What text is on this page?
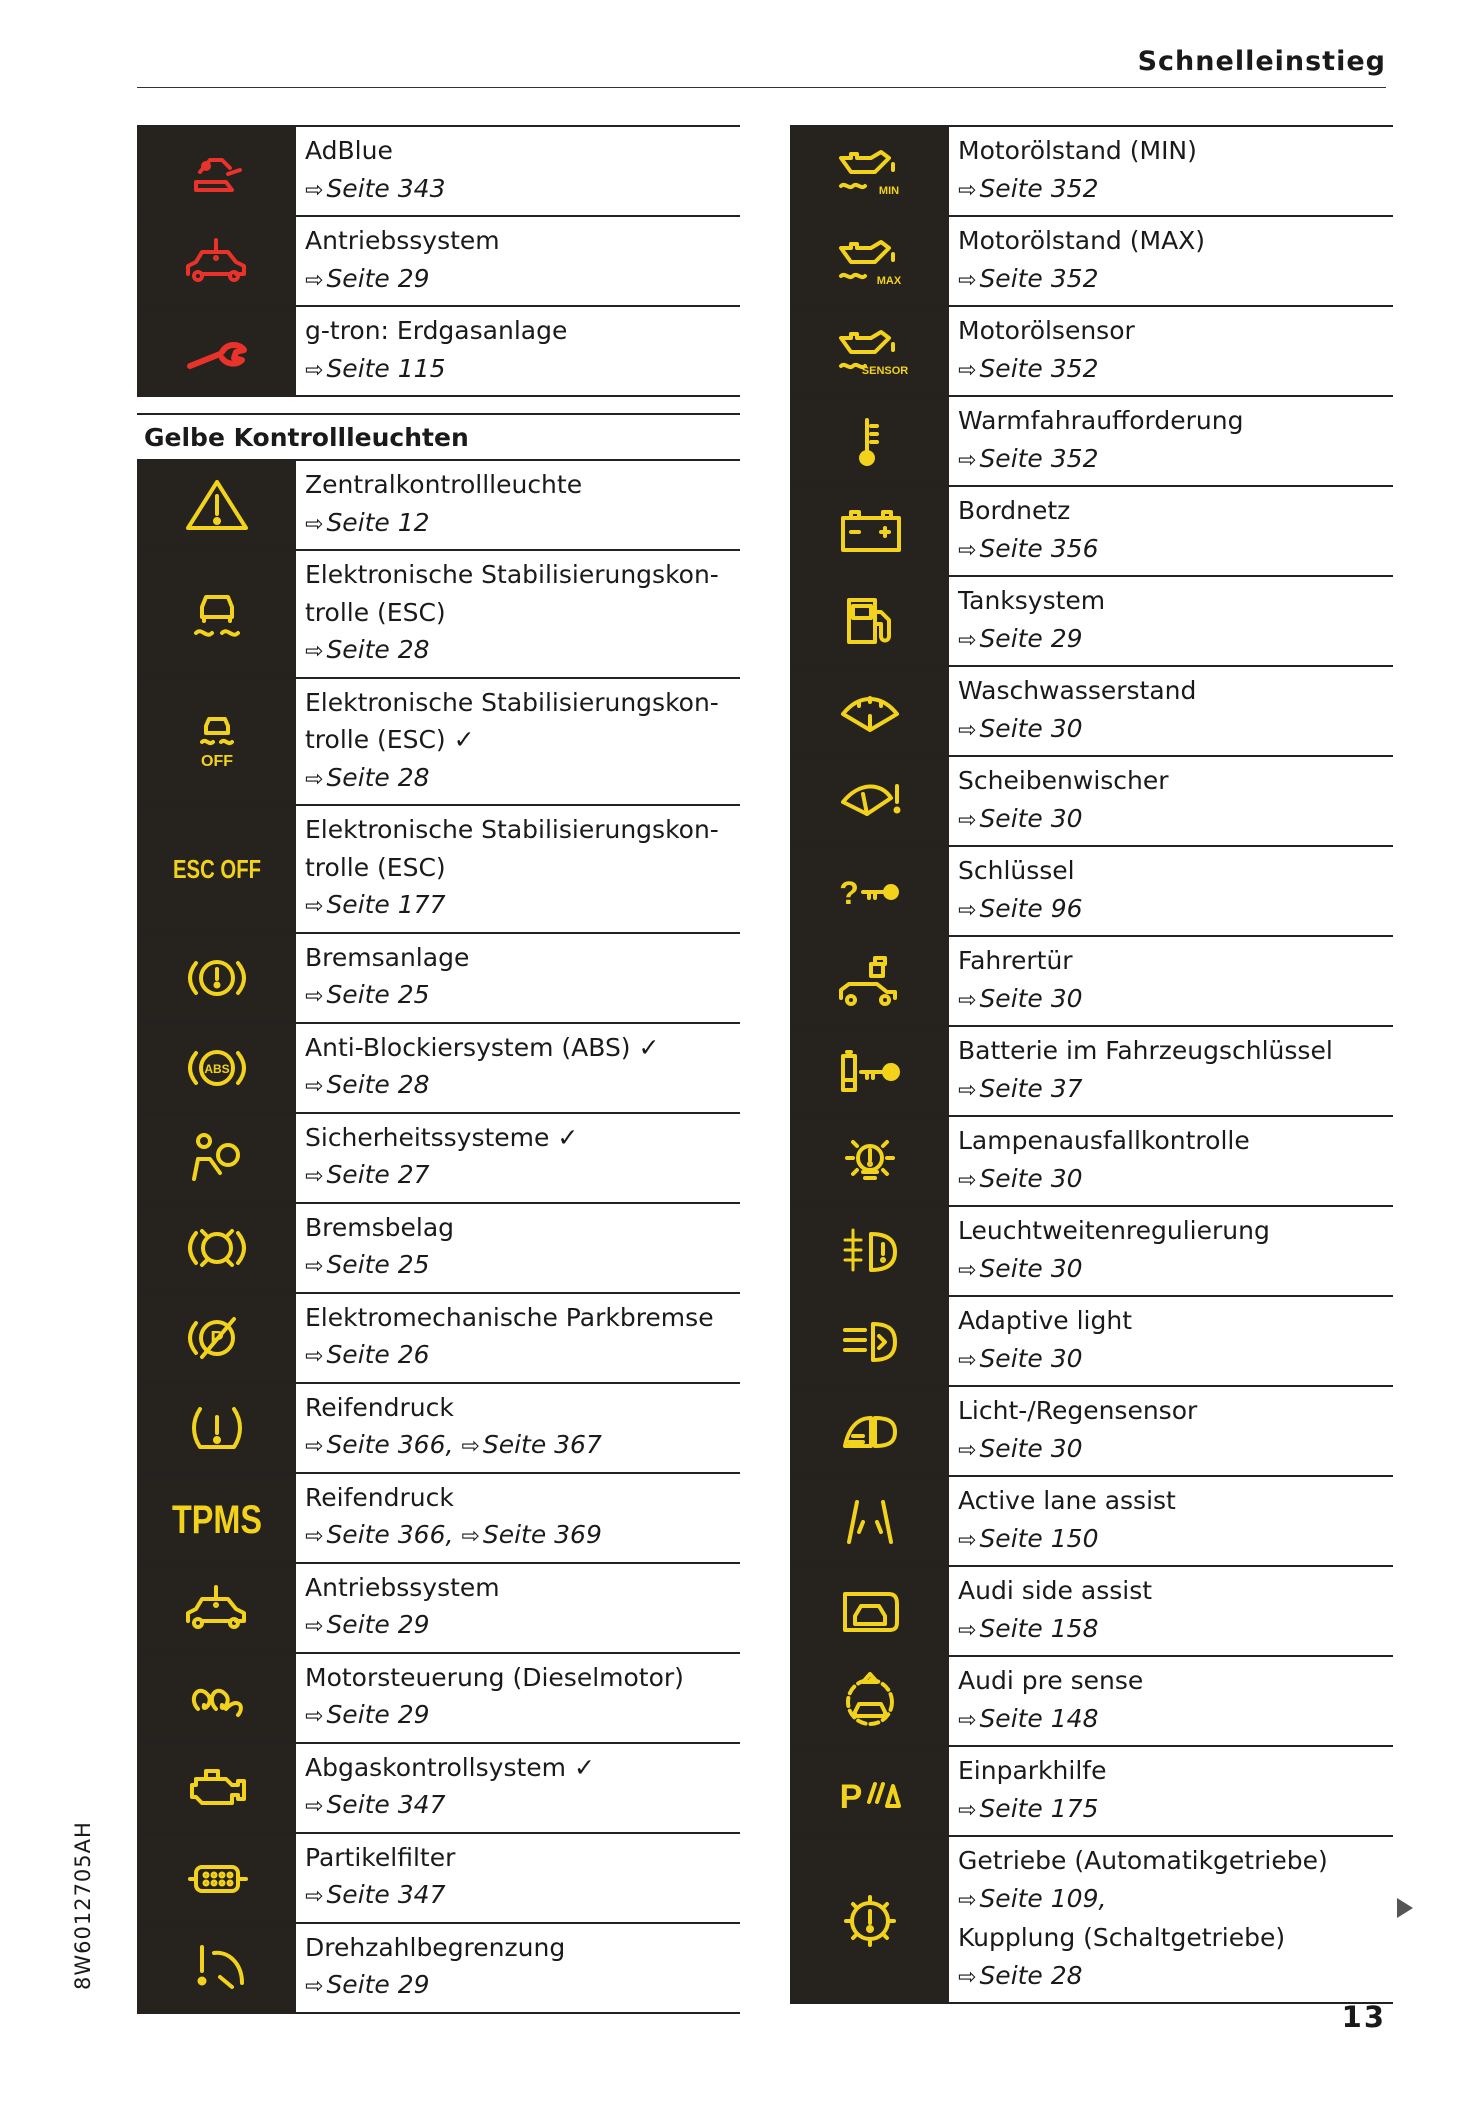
Schnelleinstieg
AdBlue
⇨ Seite 343
Antriebssystem
⇨ Seite 29
g-tron: Erdgasanlage
⇨ Seite 115
Gelbe Kontrollleuchten
Zentralkontrollleuchte
⇨ Seite 12
Elektronische Stabilisierungskon-
trolle (ESC)
⇨ Seite 28
OFF
Elektronische Stabilisierungskon-
trolle (ESC) ✓
⇨ Seite 28
ESC OFF
Elektronische Stabilisierungskon-
trolle (ESC)
⇨ Seite 177
Bremsanlage
⇨ Seite 25
ABS
Anti-Blockiersystem (ABS) ✓
⇨ Seite 28
Sicherheitssysteme ✓
⇨ Seite 27
Bremsbelag
⇨ Seite 25
P
Elektromechanische Parkbremse
⇨ Seite 26
Reifendruck
⇨ Seite 366, ⇨ Seite 367
TPMS
Reifendruck
⇨ Seite 366, ⇨ Seite 369
Antriebssystem
⇨ Seite 29
Motorsteuerung (Dieselmotor)
⇨ Seite 29
Abgaskontrollsystem ✓
⇨ Seite 347
Partikelfilter
⇨ Seite 347
Drehzahlbegrenzung
⇨ Seite 29
MIN
Motorölstand (MIN)
⇨ Seite 352
MAX
Motorölstand (MAX)
⇨ Seite 352
SENSOR
Motorölsensor
⇨ Seite 352
Warmfahraufforderung
⇨ Seite 352
Bordnetz
⇨ Seite 356
Tanksystem
⇨ Seite 29
Waschwasserstand
⇨ Seite 30
Scheibenwischer
⇨ Seite 30
?
Schlüssel
⇨ Seite 96
Fahrertür
⇨ Seite 30
Batterie im Fahrzeugschlüssel
⇨ Seite 37
Lampenausfallkontrolle
⇨ Seite 30
Leuchtweitenregulierung
⇨ Seite 30
Adaptive light
⇨ Seite 30
Licht-/Regensensor
⇨ Seite 30
Active lane assist
⇨ Seite 150
Audi side assist
⇨ Seite 158
Audi pre sense
⇨ Seite 148
P
Einparkhilfe
⇨ Seite 175
Getriebe (Automatikgetriebe)
⇨ Seite 109,
Kupplung (Schaltgetriebe)
⇨ Seite 28
8W6012705AH
13
